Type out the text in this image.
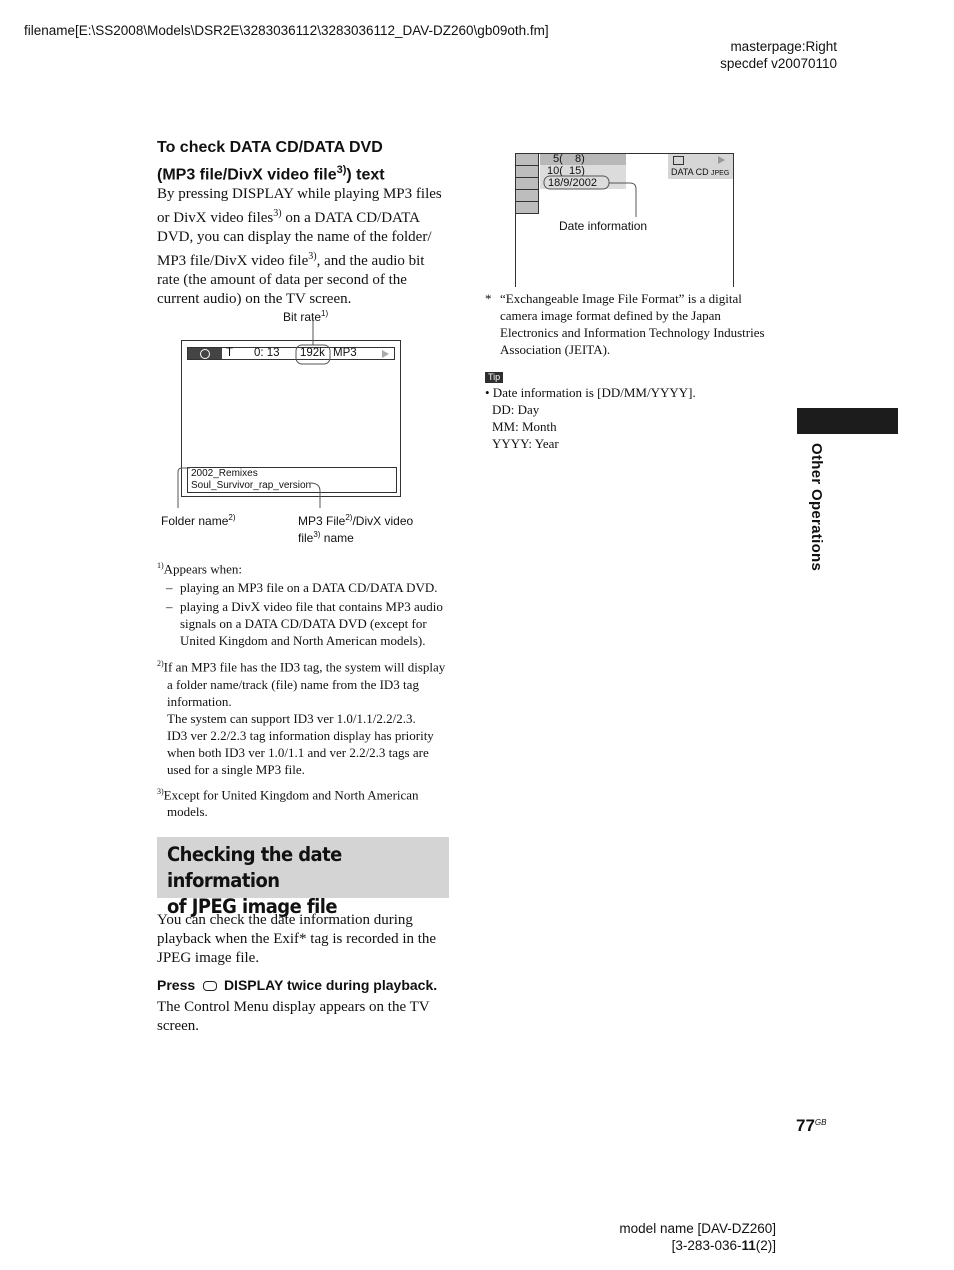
filename[E:\SS2008\Models\DSR2E\3283036112\3283036112_DAV-DZ260\gb09oth.fm]
masterpage:Right
specdef v20070110
To check DATA CD/DATA DVD
(MP3 file/DivX video file$^{3)}$) text
By pressing DISPLAY while playing MP3 files
or DivX video files$^{3)}$ on a DATA CD/DATA
DVD, you can display the name of the folder/
MP3 file/DivX video file$^{3)}$, and the audio bit
rate (the amount of data per second of the
current audio) on the TV screen.
Bit rate$^{1)}$
T 0: 13 192k MP3
2002_Remixes
Soul_Survivor_rap_version
Folder name$^{2)}$	MP3 File$^{2)}$/DivX video
file$^{3)}$ name
$^{1)}$Appears when:
– playing an MP3 file on a DATA CD/DATA DVD.
– playing a DivX video file that contains MP3 audio
signals on a DATA CD/DATA DVD (except for
United Kingdom and North American models).
$^{2)}$If an MP3 file has the ID3 tag, the system will display
a folder name/track (file) name from the ID3 tag
information.
The system can support ID3 ver 1.0/1.1/2.2/2.3.
ID3 ver 2.2/2.3 tag information display has priority
when both ID3 ver 1.0/1.1 and ver 2.2/2.3 tags are
used for a single MP3 file.
$^{3)}$Except for United Kingdom and North American
models.
Checking the date information
of JPEG image file
You can check the date information during
playback when the Exif* tag is recorded in the
JPEG image file.
Press DISPLAY twice during playback.
The Control Menu display appears on the TV
screen.
5(    8)
10(  15)
18/9/2002
DATA CD JPEG
Date information
* “Exchangeable Image File Format” is a digital
camera image format defined by the Japan
Electronics and Information Technology Industries
Association (JEITA).
Tip
• Date information is [DD/MM/YYYY].
DD: Day
MM: Month
YYYY: Year	Other Operations
$77^{GB}$
model name [DAV-DZ260]
[3-283-036-11(2)]
